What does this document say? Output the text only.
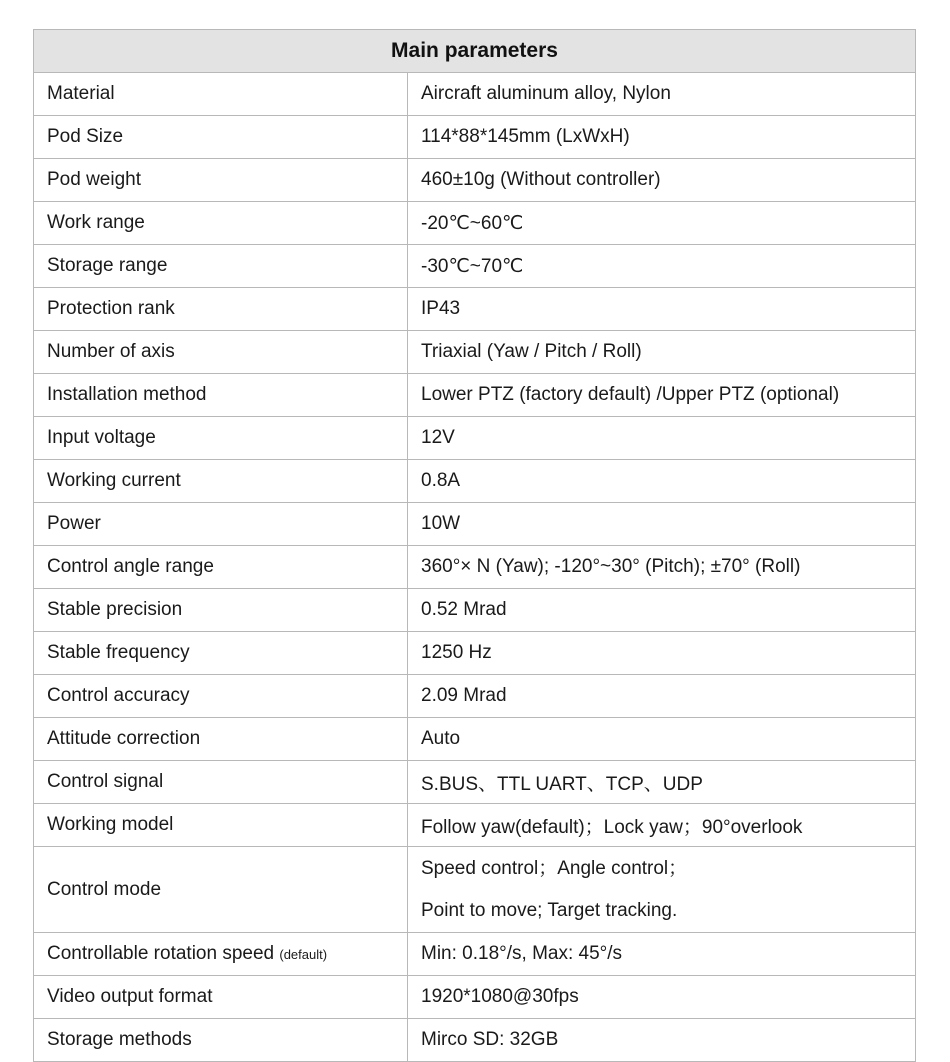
Main parameters	
Material	Aircraft aluminum alloy, Nylon
Pod Size	114*88*145mm (LxWxH)
Pod weight	460±10g (Without controller)
Work range	-20℃~60℃
Storage range	-30℃~70℃
Protection rank	IP43
Number of axis	Triaxial (Yaw / Pitch / Roll)
Installation method	Lower PTZ (factory default) /Upper PTZ (optional)
Input voltage	12V
Working current	0.8A
Power	10W
Control angle range	360°× N (Yaw); -120°~30° (Pitch); ±70° (Roll)
Stable precision	0.52 Mrad
Stable frequency	1250 Hz
Control accuracy	2.09 Mrad
Attitude correction	Auto
Control signal	S.BUS、TTL UART、TCP、UDP
Working model	Follow yaw(default)；Lock yaw；90°overlook
Control mode	Speed control；Angle control；
Point to move; Target tracking.

Controllable rotation speed (default)	Min: 0.18°/s, Max: 45°/s
Video output format	1920*1080@30fps
Storage methods	Mirco SD: 32GB
